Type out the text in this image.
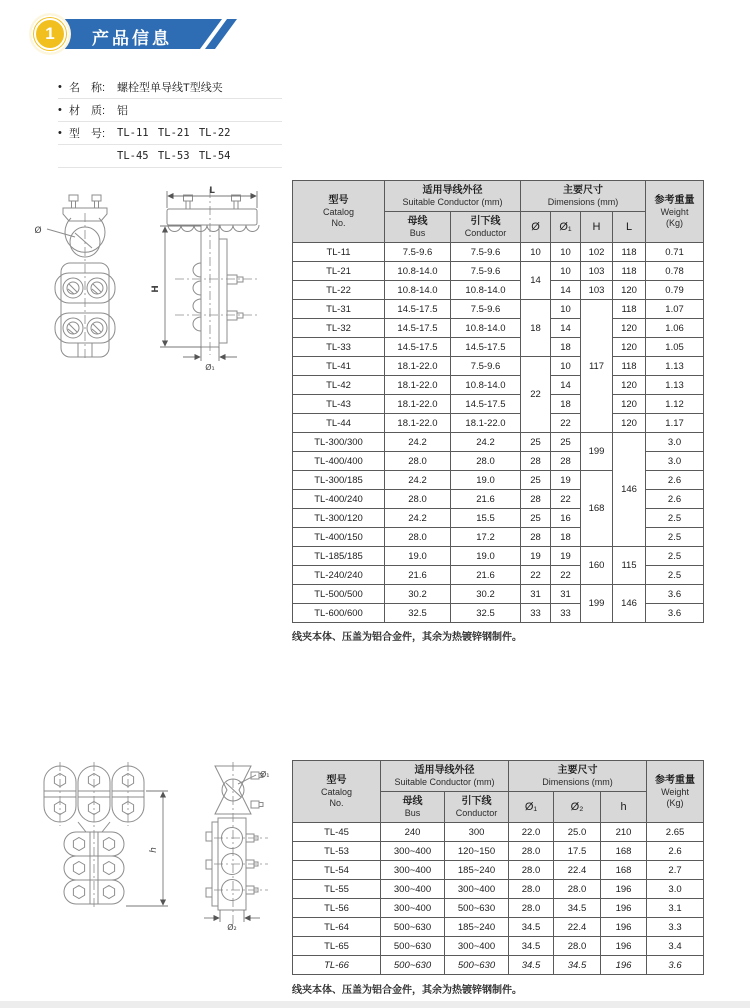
产品信息
1
• 名　称:	螺栓型单导线T型线夹
• 材　质:	铝
• 型　号:	TL-11 TL-21 TL-22
TL-45 TL-53 TL-54
Ø
L
H
Ø₁
型号
Catalog
No.	适用导线外径
Suitable Conductor (mm)		主要尺寸
Dimensions (mm)				参考重量
Weight
(Kg)

	母线
Bus	引下线
Conductor	Ø	Ø₁	H	L	
TL-11	7.5-9.6	7.5-9.6	10	10	102	118	0.71
TL-21	10.8-14.0	7.5-9.6	14	10	103	118	0.78
TL-22	10.8-14.0	10.8-14.0		14	103	120	0.79
TL-31	14.5-17.5	7.5-9.6	18	10	117	118	1.07
TL-32	14.5-17.5	10.8-14.0		14		120	1.06
TL-33	14.5-17.5	14.5-17.5		18		120	1.05
TL-41	18.1-22.0	7.5-9.6	22	10		118	1.13
TL-42	18.1-22.0	10.8-14.0		14		120	1.13
TL-43	18.1-22.0	14.5-17.5		18		120	1.12
TL-44	18.1-22.0	18.1-22.0		22		120	1.17
TL-300/300	24.2	24.2	25	25	199	146	3.0
TL-400/400	28.0	28.0	28	28			3.0
TL-300/185	24.2	19.0	25	19	168		2.6
TL-400/240	28.0	21.6	28	22			2.6
TL-300/120	24.2	15.5	25	16			2.5
TL-400/150	28.0	17.2	28	18			2.5
TL-185/185	19.0	19.0	19	19	160	115	2.5
TL-240/240	21.6	21.6	22	22			2.5
TL-500/500	30.2	30.2	31	31	199	146	3.6
TL-600/600	32.5	32.5	33	33			3.6
线夹本体、压盖为铝合金件，其余为热镀锌钢制件。
h
Ø₁
Ø₂
型号
Catalog
No.	适用导线外径
Suitable Conductor (mm)		主要尺寸
Dimensions (mm)			参考重量
Weight
(Kg)

	母线
Bus	引下线
Conductor	Ø₁	Ø₂	h	
TL-45	240	300	22.0	25.0	210	2.65
TL-53	300~400	120~150	28.0	17.5	168	2.6
TL-54	300~400	185~240	28.0	22.4	168	2.7
TL-55	300~400	300~400	28.0	28.0	196	3.0
TL-56	300~400	500~630	28.0	34.5	196	3.1
TL-64	500~630	185~240	34.5	22.4	196	3.3
TL-65	500~630	300~400	34.5	28.0	196	3.4
TL-66	500~630	500~630	34.5	34.5	196	3.6
线夹本体、压盖为铝合金件，其余为热镀锌钢制件。
